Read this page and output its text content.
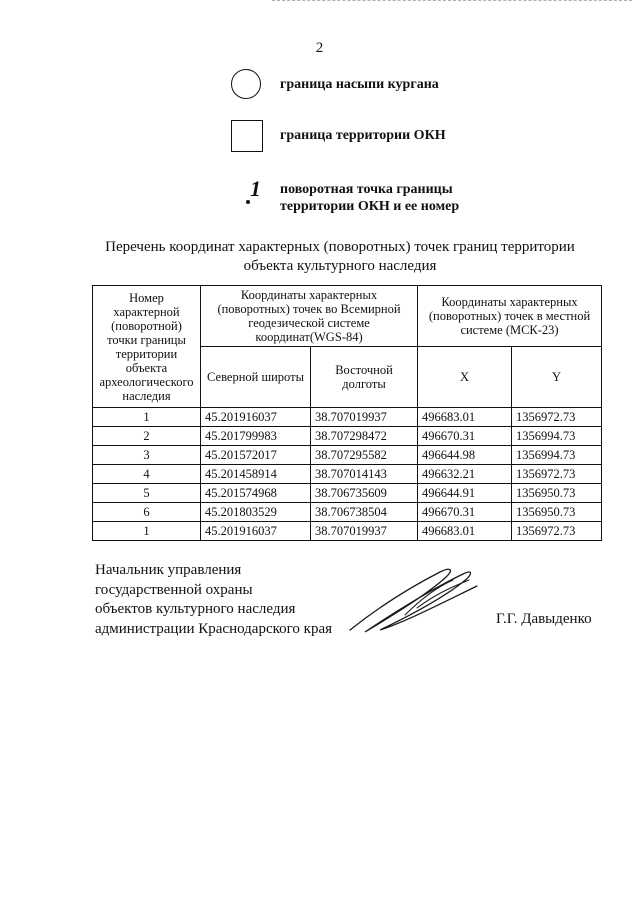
2
граница насыпи кургана
граница территории ОКН
1 поворотная точка границы
территории ОКН и ее номер
Перечень координат характерных (поворотных) точек границ территории
объекта культурного наследия
Номер характерной (поворотной) точки границы территории объекта археологического наследия	Координаты характерных (поворотных) точек во Всемирной геодезической системе координат(WGS-84)		Координаты характерных (поворотных) точек в местной системе (МСК-23)	
	Северной широты	Восточной долготы	X	Y
1	45.201916037	38.707019937	496683.01	1356972.73
2	45.201799983	38.707298472	496670.31	1356994.73
3	45.201572017	38.707295582	496644.98	1356994.73
4	45.201458914	38.707014143	496632.21	1356972.73
5	45.201574968	38.706735609	496644.91	1356950.73
6	45.201803529	38.706738504	496670.31	1356950.73
1	45.201916037	38.707019937	496683.01	1356972.73
Начальник управления
государственной охраны
объектов культурного наследия
администрации Краснодарского края
Г.Г. Давыденко
